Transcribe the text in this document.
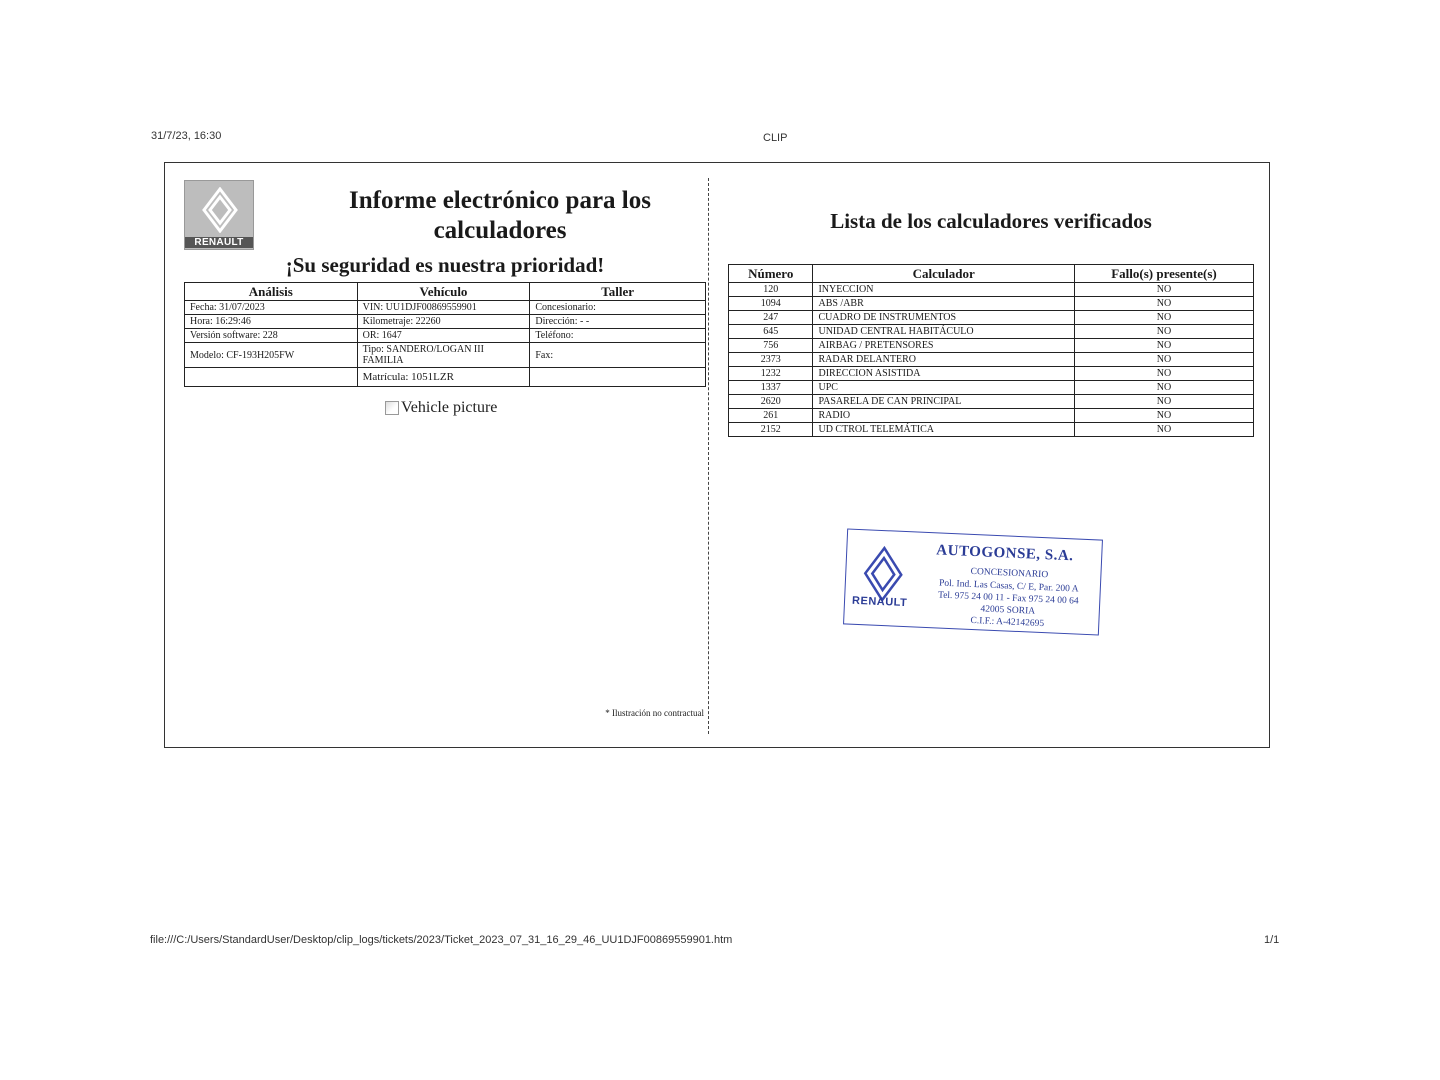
31/7/23, 16:30	CLIP
RENAULT
Informe electrónico para los calculadores
¡Su seguridad es nuestra prioridad!
Análisis	Vehículo	Taller
Fecha: 31/07/2023	VIN: UU1DJF00869559901	Concesionario:
Hora: 16:29:46	Kilometraje: 22260	Dirección: - -
Versión software: 228	OR: 1647	Teléfono:
Modelo: CF-193H205FW	Tipo: SANDERO/LOGAN III FAMILIA	Fax:
	Matrícula: 1051LZR	
Vehicle picture
* Ilustración no contractual
Lista de los calculadores verificados
Número	Calculador	Fallo(s) presente(s)
120	INYECCION	NO
1094	ABS /ABR	NO
247	CUADRO DE INSTRUMENTOS	NO
645	UNIDAD CENTRAL HABITÁCULO	NO
756	AIRBAG / PRETENSORES	NO
2373	RADAR DELANTERO	NO
1232	DIRECCION ASISTIDA	NO
1337	UPC	NO
2620	PASARELA DE CAN PRINCIPAL	NO
261	RADIO	NO
2152	UD CTROL TELEMÁTICA	NO
RENAULT
AUTOGONSE, S.A.
CONCESIONARIO
Pol. Ind. Las Casas, C/ E, Par. 200 A
Tel. 975 24 00 11 - Fax 975 24 00 64
42005 SORIA
C.I.F.: A-42142695
file:///C:/Users/StandardUser/Desktop/clip_logs/tickets/2023/Ticket_2023_07_31_16_29_46_UU1DJF00869559901.htm	1/1
